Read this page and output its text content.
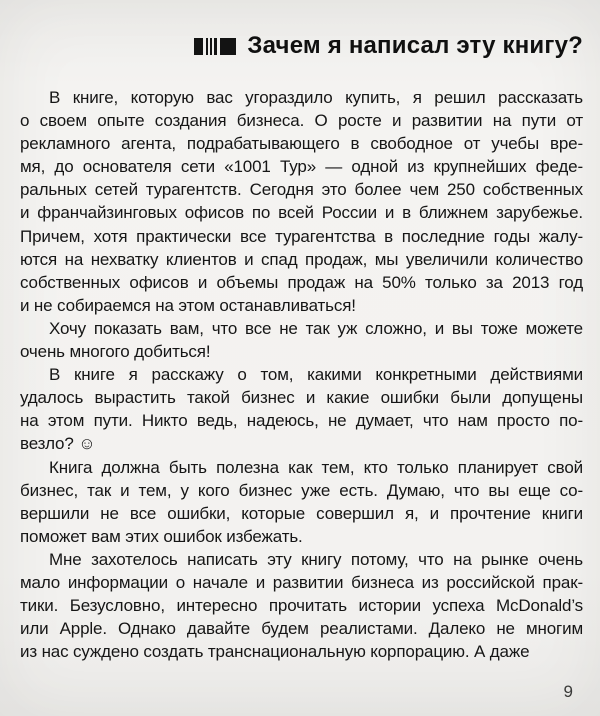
Зачем я написал эту книгу?
В книге, которую вас угораздило купить, я решил рассказать
о своем опыте создания бизнеса. О росте и развитии на пути от
рекламного агента, подрабатывающего в свободное от учебы вре-
мя, до основателя сети «1001 Тур» — одной из крупнейших феде-
ральных сетей турагентств. Сегодня это более чем 250 собственных
и франчайзинговых офисов по всей России и в ближнем зарубежье.
Причем, хотя практически все турагентства в последние годы жалу-
ются на нехватку клиентов и спад продаж, мы увеличили количество
собственных офисов и объемы продаж на 50% только за 2013 год
и не собираемся на этом останавливаться!
Хочу показать вам, что все не так уж сложно, и вы тоже можете
очень многого добиться!
В книге я расскажу о том, какими конкретными действиями
удалось вырастить такой бизнес и какие ошибки были допущены
на этом пути. Никто ведь, надеюсь, не думает, что нам просто по-
везло? ☺
Книга должна быть полезна как тем, кто только планирует свой
бизнес, так и тем, у кого бизнес уже есть. Думаю, что вы еще со-
вершили не все ошибки, которые совершил я, и прочтение книги
поможет вам этих ошибок избежать.
Мне захотелось написать эту книгу потому, что на рынке очень
мало информации о начале и развитии бизнеса из российской прак-
тики. Безусловно, интересно прочитать истории успеха McDonald’s
или Apple. Однако давайте будем реалистами. Далеко не многим
из нас суждено создать транснациональную корпорацию. А даже
9
